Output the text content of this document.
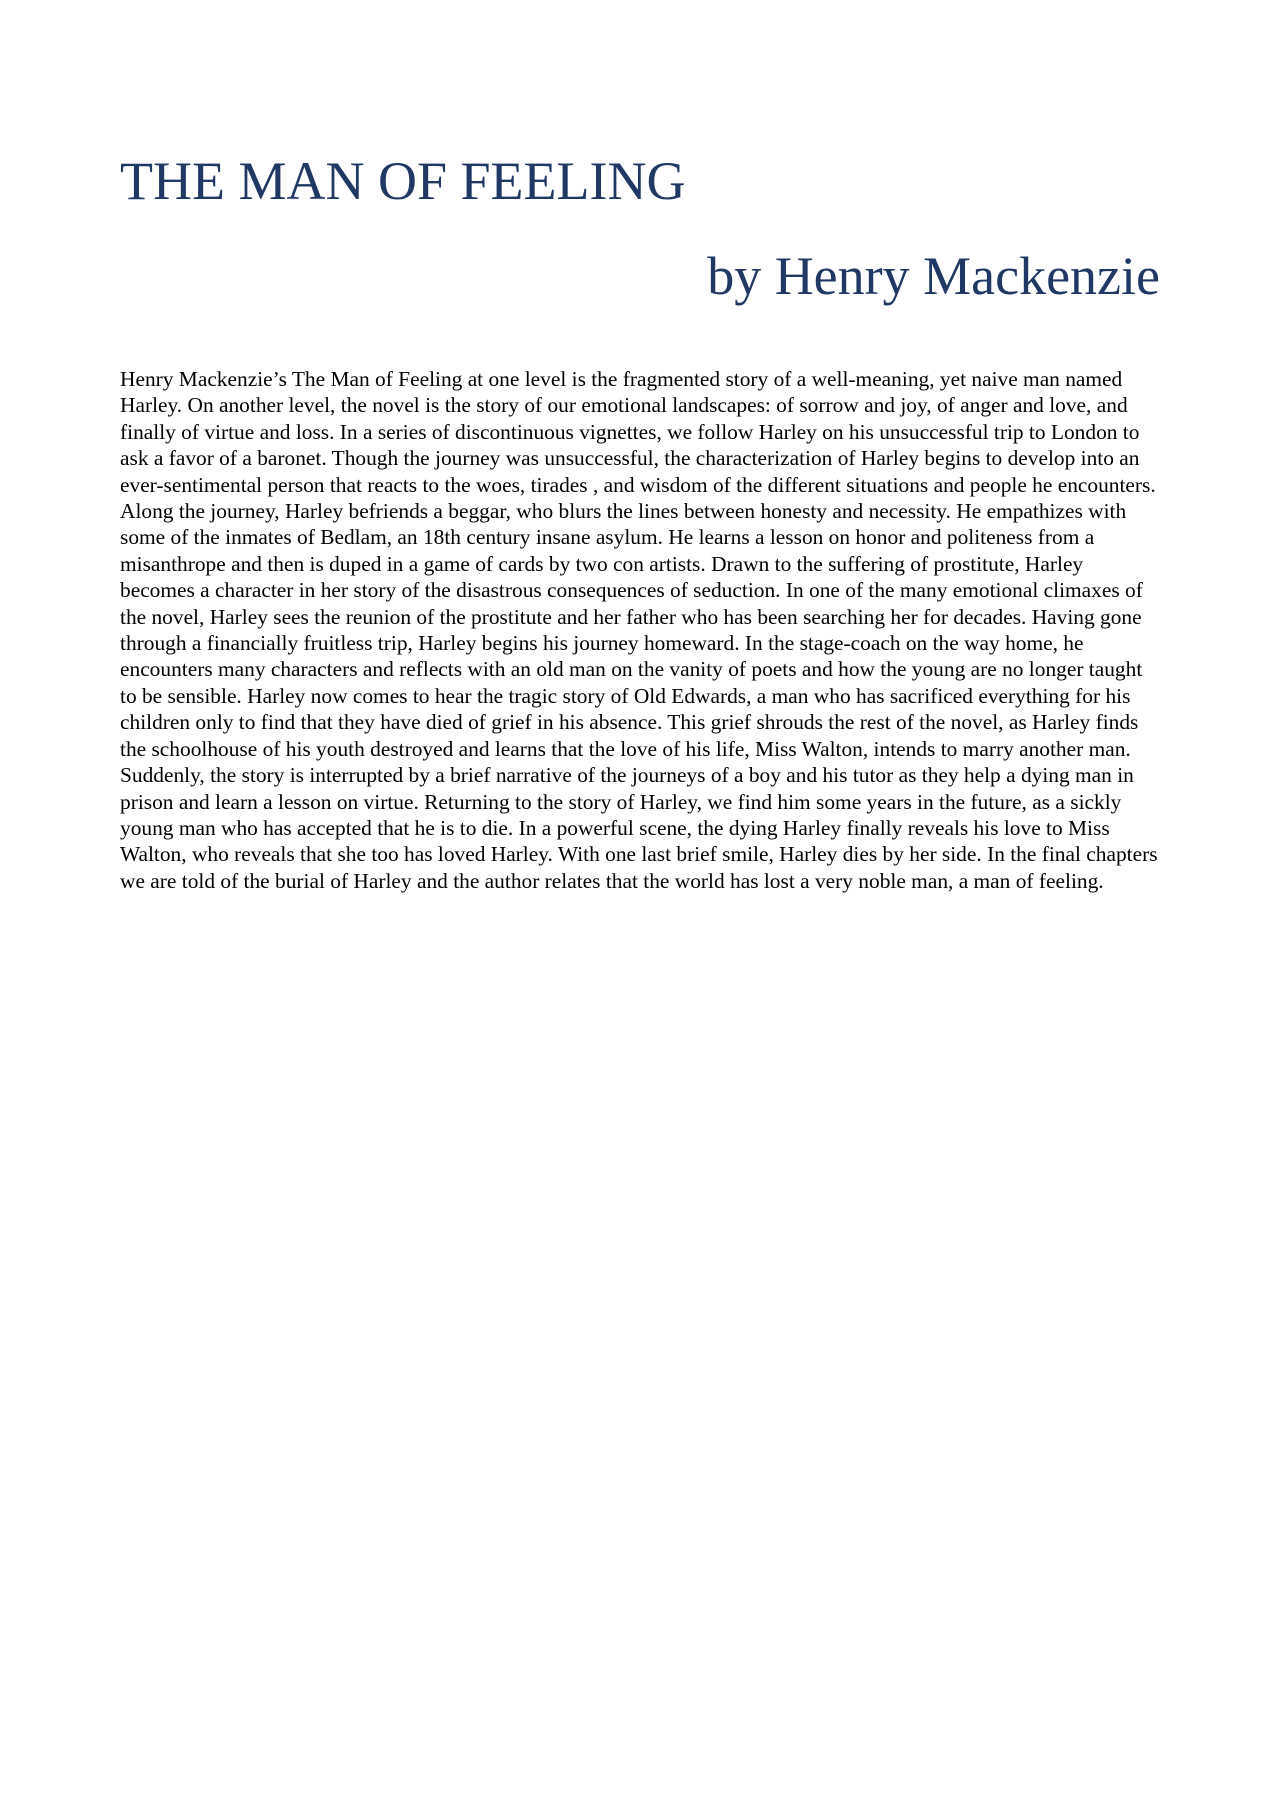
THE MAN OF FEELING
by Henry Mackenzie

Henry Mackenzie’s The Man of Feeling at one level is the fragmented story of a well-meaning, yet naive man named Harley. On another level, the novel is the story of our emotional landscapes: of sorrow and joy, of anger and love, and finally of virtue and loss. In a series of discontinuous vignettes, we follow Harley on his unsuccessful trip to London to ask a favor of a baronet. Though the journey was unsuccessful, the characterization of Harley begins to develop into an ever-sentimental person that reacts to the woes, tirades , and wisdom of the different situations and people he encounters. Along the journey, Harley befriends a beggar, who blurs the lines between honesty and necessity. He empathizes with some of the inmates of Bedlam, an 18th century insane asylum. He learns a lesson on honor and politeness from a misanthrope and then is duped in a game of cards by two con artists. Drawn to the suffering of prostitute, Harley becomes a character in her story of the disastrous consequences of seduction. In one of the many emotional climaxes of the novel, Harley sees the reunion of the prostitute and her father who has been searching her for decades. Having gone through a financially fruitless trip, Harley begins his journey homeward. In the stage-coach on the way home, he encounters many characters and reflects with an old man on the vanity of poets and how the young are no longer taught to be sensible. Harley now comes to hear the tragic story of Old Edwards, a man who has sacrificed everything for his children only to find that they have died of grief in his absence. This grief shrouds the rest of the novel, as Harley finds the schoolhouse of his youth destroyed and learns that the love of his life, Miss Walton, intends to marry another man. Suddenly, the story is interrupted by a brief narrative of the journeys of a boy and his tutor as they help a dying man in prison and learn a lesson on virtue. Returning to the story of Harley, we find him some years in the future, as a sickly young man who has accepted that he is to die. In a powerful scene, the dying Harley finally reveals his love to Miss Walton, who reveals that she too has loved Harley. With one last brief smile, Harley dies by her side. In the final chapters we are told of the burial of Harley and the author relates that the world has lost a very noble man, a man of feeling.
